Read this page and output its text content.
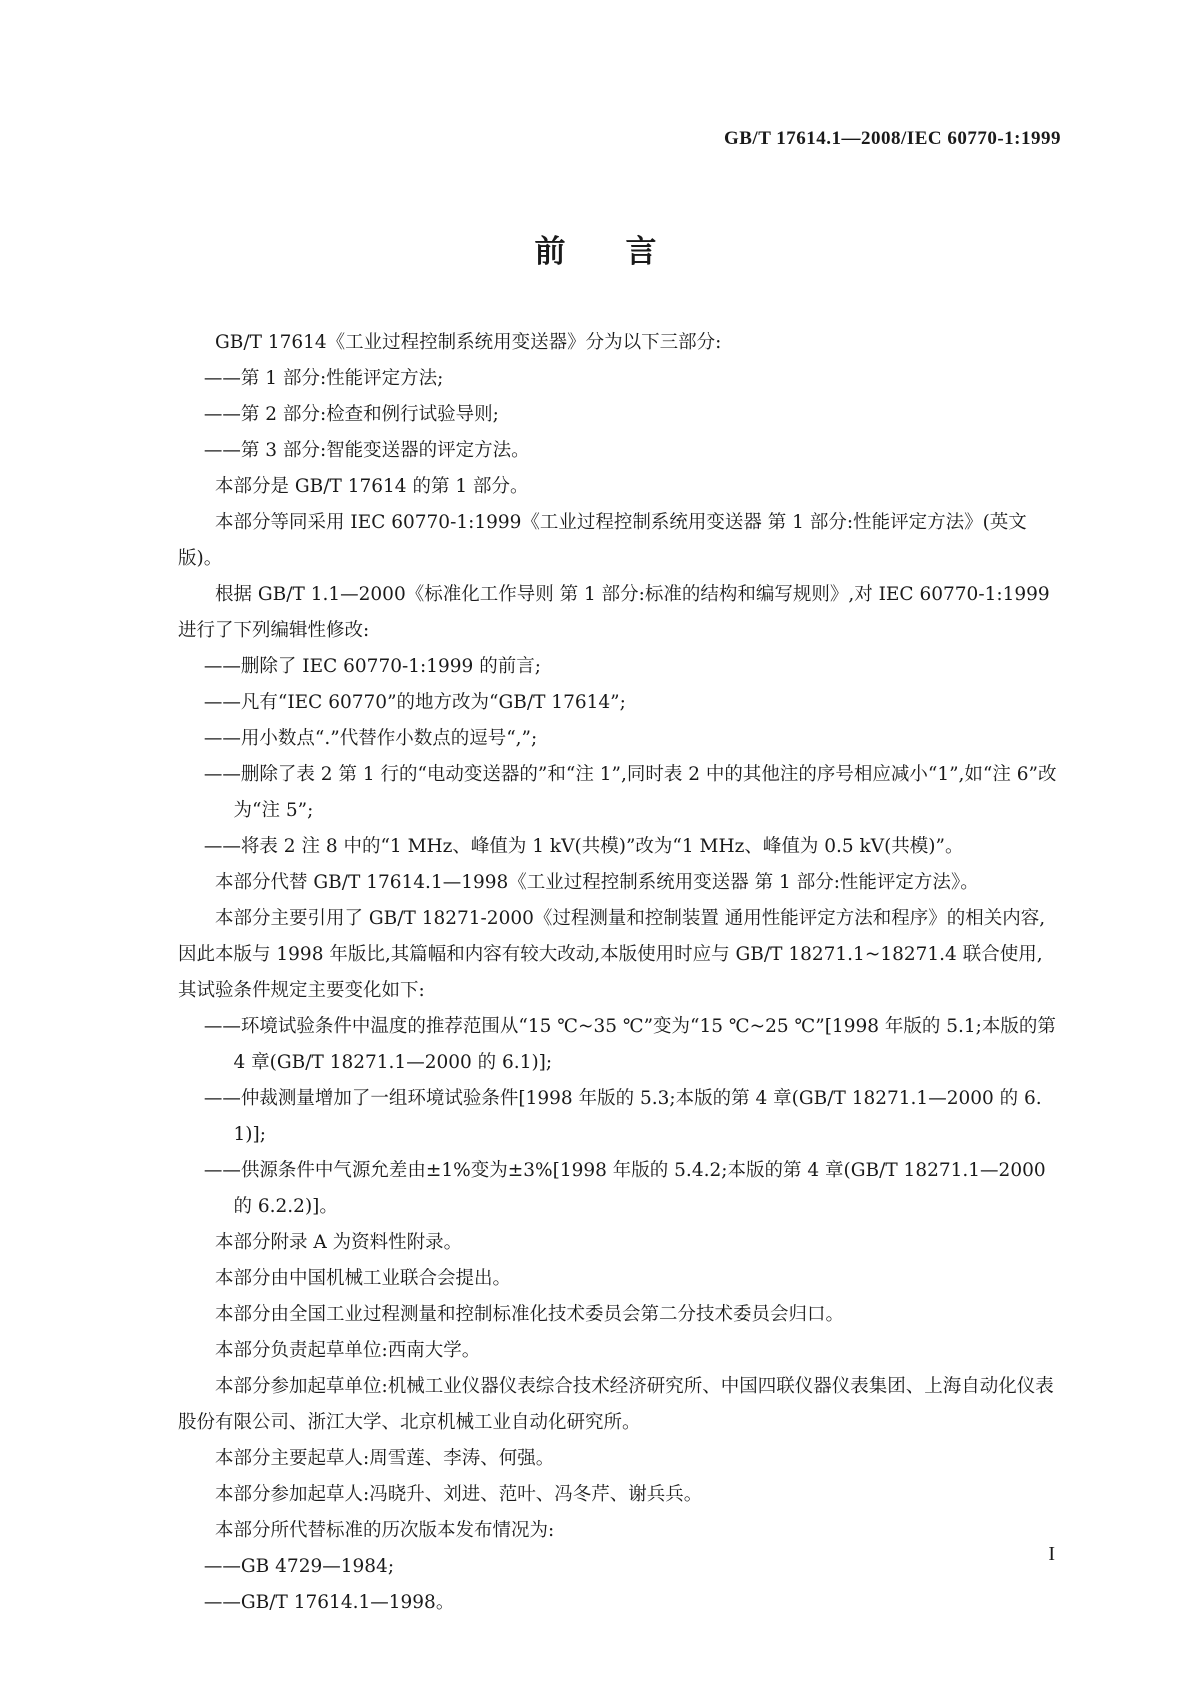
GB/T 17614.1—2008/IEC 60770-1:1999
前言

GB/T 17614《工业过程控制系统用变送器》分为以下三部分:

——第 1 部分:性能评定方法;

——第 2 部分:检查和例行试验导则;

——第 3 部分:智能变送器的评定方法。

本部分是 GB/T 17614 的第 1 部分。

本部分等同采用 IEC 60770-1:1999《工业过程控制系统用变送器 第 1 部分:性能评定方法》(英文版)。

根据 GB/T 1.1—2000《标准化工作导则 第 1 部分:标准的结构和编写规则》,对 IEC 60770-1:1999 进行了下列编辑性修改:

——删除了 IEC 60770-1:1999 的前言;

——凡有“IEC 60770”的地方改为“GB/T 17614”;

——用小数点“.”代替作小数点的逗号“,”;

——删除了表 2 第 1 行的“电动变送器的”和“注 1”,同时表 2 中的其他注的序号相应减小“1”,如“注 6”改为“注 5”;

——将表 2 注 8 中的“1 MHz、峰值为 1 kV(共模)”改为“1 MHz、峰值为 0.5 kV(共模)”。

本部分代替 GB/T 17614.1—1998《工业过程控制系统用变送器 第 1 部分:性能评定方法》。

本部分主要引用了 GB/T 18271-2000《过程测量和控制装置 通用性能评定方法和程序》的相关内容,因此本版与 1998 年版比,其篇幅和内容有较大改动,本版使用时应与 GB/T 18271.1~18271.4 联合使用,其试验条件规定主要变化如下:

——环境试验条件中温度的推荐范围从“15 ℃~35 ℃”变为“15 ℃~25 ℃”[1998 年版的 5.1;本版的第 4 章(GB/T 18271.1—2000 的 6.1)];

——仲裁测量增加了一组环境试验条件[1998 年版的 5.3;本版的第 4 章(GB/T 18271.1—2000 的 6.1)];

——供源条件中气源允差由±1%变为±3%[1998 年版的 5.4.2;本版的第 4 章(GB/T 18271.1—2000 的 6.2.2)]。

本部分附录 A 为资料性附录。

本部分由中国机械工业联合会提出。

本部分由全国工业过程测量和控制标准化技术委员会第二分技术委员会归口。

本部分负责起草单位:西南大学。

本部分参加起草单位:机械工业仪器仪表综合技术经济研究所、中国四联仪器仪表集团、上海自动化仪表股份有限公司、浙江大学、北京机械工业自动化研究所。

本部分主要起草人:周雪莲、李涛、何强。

本部分参加起草人:冯晓升、刘进、范叶、冯冬芹、谢兵兵。

本部分所代替标准的历次版本发布情况为:

——GB 4729—1984;

——GB/T 17614.1—1998。

I
